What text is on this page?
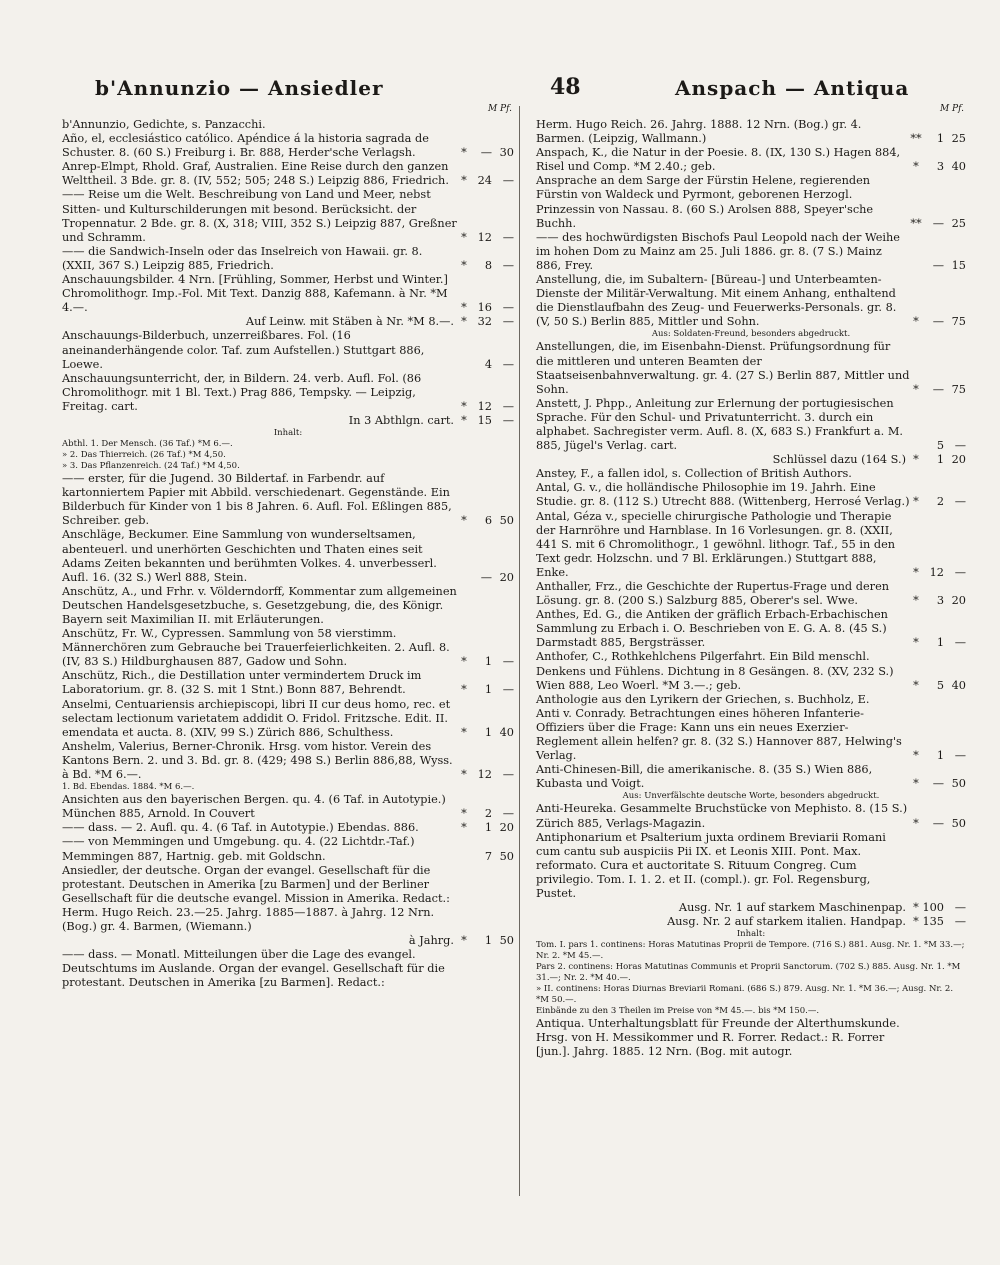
b'Annunzio — Ansiedler	48	Anspach — Antiqua
M Pf.
b'Annunzio, Gedichte, s. Panzacchi.
Año, el, ecclesiástico católico. Apéndice á la historia sagrada de Schuster. 8. (60 S.) Freiburg i. Br. 888, Herder'sche Verlagsh.	*	— 30
Anrep-Elmpt, Rhold. Graf, Australien. Eine Reise durch den ganzen Welttheil. 3 Bde. gr. 8. (IV, 552; 505; 248 S.) Leipzig 886, Friedrich.	* 24 —
—— Reise um die Welt. Beschreibung von Land und Meer, nebst Sitten- und Kulturschilderungen mit besond. Berücksicht. der Tropennatur. 2 Bde. gr. 8. (X, 318; VIII, 352 S.) Leipzig 887, Greßner und Schramm.	* 12 —
—— die Sandwich-Inseln oder das Inselreich von Hawaii. gr. 8. (XXII, 367 S.) Leipzig 885, Friedrich.	*	8 —
Anschauungsbilder. 4 Nrn. [Frühling, Sommer, Herbst und Winter.] Chromolithogr. Imp.-Fol. Mit Text. Danzig 888, Kafemann. à Nr. *M 4.—.	* 16 —
Auf Leinw. mit Stäben à Nr. *M 8.—. * 32 —
Anschauungs-Bilderbuch, unzerreißbares. Fol. (16 aneinanderhängende color. Taf. zum Aufstellen.) Stuttgart 886, Loewe.	4 —
Anschauungsunterricht, der, in Bildern. 24. verb. Aufl. Fol. (86 Chromolithogr. mit 1 Bl. Text.) Prag 886, Tempsky. — Leipzig, Freitag. cart.	* 12 —
In 3 Abthlgn. cart. * 15 —
Inhalt:
Abthl. 1. Der Mensch. (36 Taf.) *M 6.—.
» 2. Das Thierreich. (26 Taf.) *M 4,50.
» 3. Das Pflanzenreich. (24 Taf.) *M 4,50.
—— erster, für die Jugend. 30 Bildertaf. in Farbendr. auf kartonniertem Papier mit Abbild. verschiedenart. Gegenstände. Ein Bilderbuch für Kinder von 1 bis 8 Jahren. 6. Aufl. Fol. Eßlingen 885, Schreiber. geb.	*	6 50
Anschläge, Beckumer. Eine Sammlung von wunderseltsamen, abenteuerl. und unerhörten Geschichten und Thaten eines seit Adams Zeiten bekannten und berühmten Volkes. 4. unverbesserl. Aufl. 16. (32 S.) Werl 888, Stein.	— 20
Anschütz, A., und Frhr. v. Völderndorff, Kommentar zum allgemeinen Deutschen Handelsgesetzbuche, s. Gesetzgebung, die, des Königr. Bayern seit Maximilian II. mit Erläuterungen.
Anschütz, Fr. W., Cypressen. Sammlung von 58 vierstimm. Männerchören zum Gebrauche bei Trauerfeierlichkeiten. 2. Aufl. 8. (IV, 83 S.) Hildburghausen 887, Gadow und Sohn.	*	1 —
Anschütz, Rich., die Destillation unter vermindertem Druck im Laboratorium. gr. 8. (32 S. mit 1 Stnt.) Bonn 887, Behrendt.	*	1 —
Anselmi, Centuariensis archiepiscopi, libri II cur deus homo, rec. et selectam lectionum varietatem addidit O. Fridol. Fritzsche. Edit. II. emendata et aucta. 8. (XIV, 99 S.) Zürich 886, Schulthess.	*	1 40
Anshelm, Valerius, Berner-Chronik. Hrsg. vom histor. Verein des Kantons Bern. 2. und 3. Bd. gr. 8. (429; 498 S.) Berlin 886,88, Wyss. à Bd. *M 6.—.	* 12 —
1. Bd. Ebendas. 1884. *M 6.—.
Ansichten aus den bayerischen Bergen. qu. 4. (6 Taf. in Autotypie.) München 885, Arnold. In Couvert	*	2 —
—— dass. — 2. Aufl. qu. 4. (6 Taf. in Autotypie.) Ebendas. 886.	*	1 20
—— von Memmingen und Umgebung. qu. 4. (22 Lichtdr.-Taf.) Memmingen 887, Hartnig. geb. mit Goldschn.	7 50
Ansiedler, der deutsche. Organ der evangel. Gesellschaft für die protestant. Deutschen in Amerika [zu Barmen] und der Berliner Gesellschaft für die deutsche evangel. Mission in Amerika. Redact.: Herm. Hugo Reich. 23.—25. Jahrg. 1885—1887. à Jahrg. 12 Nrn. (Bog.) gr. 4. Barmen, (Wiemann.)
à Jahrg. *	1 50
—— dass. — Monatl. Mitteilungen über die Lage des evangel. Deutschtums im Auslande. Organ der evangel. Gesellschaft für die protestant. Deutschen in Amerika [zu Barmen]. Redact.:
M Pf.
Herm. Hugo Reich. 26. Jahrg. 1888. 12 Nrn. (Bog.) gr. 4. Barmen. (Leipzig, Wallmann.)	**	1 25
Anspach, K., die Natur in der Poesie. 8. (IX, 130 S.) Hagen 884, Risel und Comp. *M 2.40.; geb.	*	3 40
Ansprache an dem Sarge der Fürstin Helene, regierenden Fürstin von Waldeck und Pyrmont, geborenen Herzogl. Prinzessin von Nassau. 8. (60 S.) Arolsen 888, Speyer'sche Buchh.	** — 25
—— des hochwürdigsten Bischofs Paul Leopold nach der Weihe im hohen Dom zu Mainz am 25. Juli 1886. gr. 8. (7 S.) Mainz 886, Frey.	— 15
Anstellung, die, im Subaltern- [Büreau-] und Unterbeamten-Dienste der Militär-Verwaltung. Mit einem Anhang, enthaltend die Dienstlaufbahn des Zeug- und Feuerwerks-Personals. gr. 8. (V, 50 S.) Berlin 885, Mittler und Sohn.	*	— 75
Aus: Soldaten-Freund, besonders abgedruckt.
Anstellungen, die, im Eisenbahn-Dienst. Prüfungsordnung für die mittleren und unteren Beamten der Staatseisenbahnverwaltung. gr. 4. (27 S.) Berlin 887, Mittler und Sohn.	*	— 75
Anstett, J. Phpp., Anleitung zur Erlernung der portugiesischen Sprache. Für den Schul- und Privatunterricht. 3. durch ein alphabet. Sachregister verm. Aufl. 8. (X, 683 S.) Frankfurt a. M. 885, Jügel's Verlag. cart.	5 —
Schlüssel dazu (164 S.) *	1 20
Anstey, F., a fallen idol, s. Collection of British Authors.
Antal, G. v., die holländische Philosophie im 19. Jahrh. Eine Studie. gr. 8. (112 S.) Utrecht 888. (Wittenberg, Herrosé Verlag.) *	2 —
Antal, Géza v., specielle chirurgische Pathologie und Therapie der Harnröhre und Harnblase. In 16 Vorlesungen. gr. 8. (XXII, 441 S. mit 6 Chromolithogr., 1 gewöhnl. lithogr. Taf., 55 in den Text gedr. Holzschn. und 7 Bl. Erklärungen.) Stuttgart 888, Enke.	* 12 —
Anthaller, Frz., die Geschichte der Rupertus-Frage und deren Lösung. gr. 8. (200 S.) Salzburg 885, Oberer's sel. Wwe.	*	3 20
Anthes, Ed. G., die Antiken der gräflich Erbach-Erbachischen Sammlung zu Erbach i. O. Beschrieben von E. G. A. 8. (45 S.) Darmstadt 885, Bergsträsser.	*	1 —
Anthofer, C., Rothkehlchens Pilgerfahrt. Ein Bild menschl. Denkens und Fühlens. Dichtung in 8 Gesängen. 8. (XV, 232 S.) Wien 888, Leo Woerl. *M 3.—.; geb.	*	5 40
Anthologie aus den Lyrikern der Griechen, s. Buchholz, E.
Anti v. Conrady. Betrachtungen eines höheren Infanterie-Offiziers über die Frage: Kann uns ein neues Exerzier-Reglement allein helfen? gr. 8. (32 S.) Hannover 887, Helwing's Verlag.	*	1 —
Anti-Chinesen-Bill, die amerikanische. 8. (35 S.) Wien 886, Kubasta und Voigt.	*	— 50
Aus: Unverfälschte deutsche Worte, besonders abgedruckt.
Anti-Heureka. Gesammelte Bruchstücke von Mephisto. 8. (15 S.) Zürich 885, Verlags-Magazin.	*	— 50
Antiphonarium et Psalterium juxta ordinem Breviarii Romani cum cantu sub auspiciis Pii IX. et Leonis XIII. Pont. Max. reformato. Cura et auctoritate S. Rituum Congreg. Cum privilegio. Tom. I. 1. 2. et II. (compl.). gr. Fol. Regensburg, Pustet.
Ausg. Nr. 1 auf starkem Maschinenpap. * 100 —
Ausg. Nr. 2 auf starkem italien. Handpap. * 135 —
Inhalt:
Tom. I. pars 1. continens: Horas Matutinas Proprii de Tempore. (716 S.) 881. Ausg. Nr. 1. *M 33.—; Nr. 2. *M 45.—.
Pars 2. continens: Horas Matutinas Communis et Proprii Sanctorum. (702 S.) 885. Ausg. Nr. 1. *M 31.—; Nr. 2. *M 40.—.
» II. continens: Horas Diurnas Breviarii Romani. (686 S.) 879. Ausg. Nr. 1. *M 36.—; Ausg. Nr. 2. *M 50.—.
Einbände zu den 3 Theilen im Preise von *M 45.—. bis *M 150.—.
Antiqua. Unterhaltungsblatt für Freunde der Alterthumskunde. Hrsg. von H. Messikommer und R. Forrer. Redact.: R. Forrer [jun.]. Jahrg. 1885. 12 Nrn. (Bog. mit autogr.
